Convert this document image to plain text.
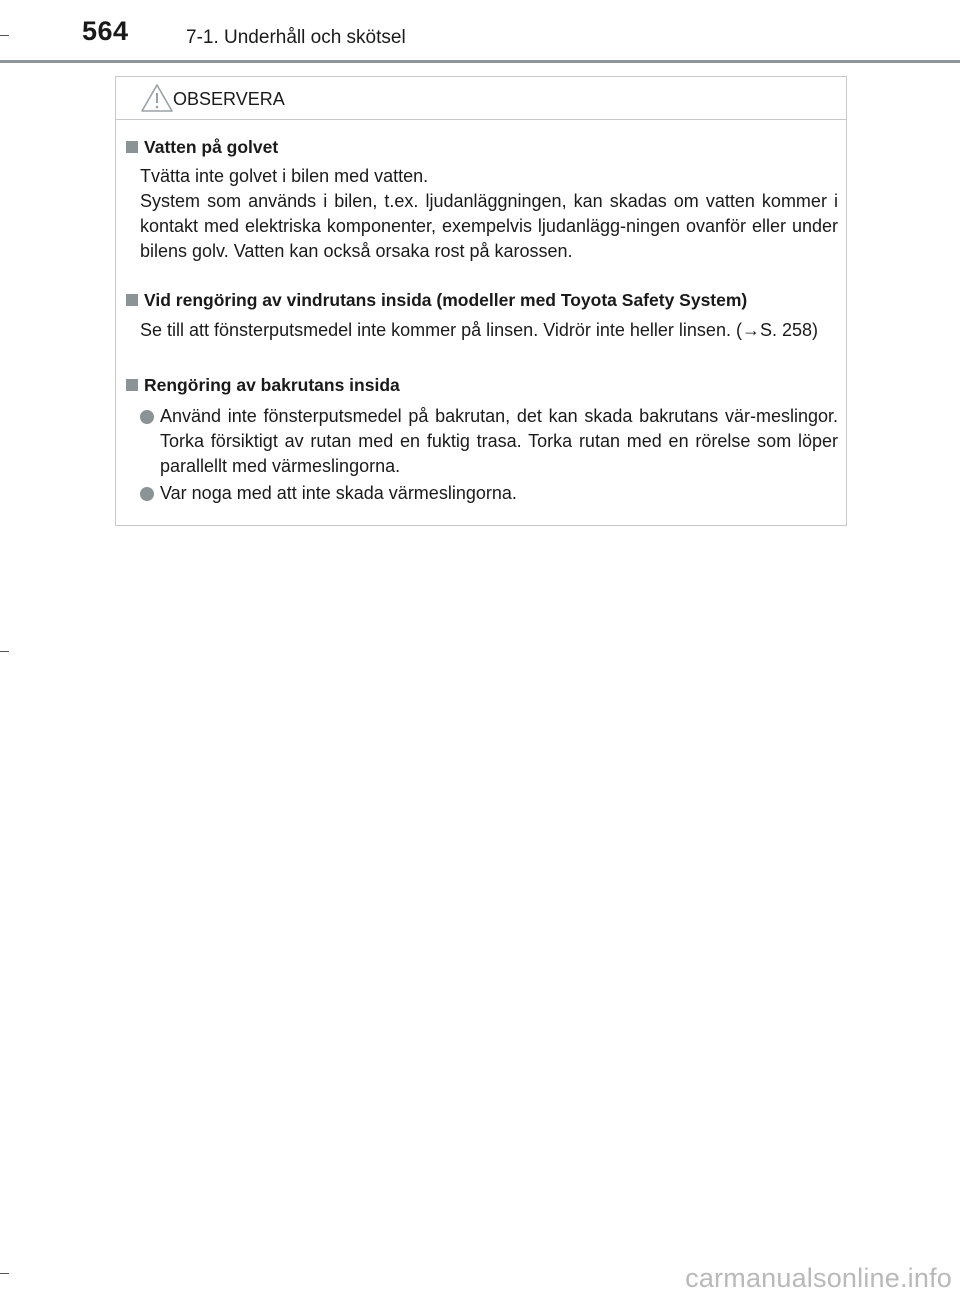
564	7-1. Underhåll och skötsel
OBSERVERA
Vatten på golvet
Tvätta inte golvet i bilen med vatten.
System som används i bilen, t.ex. ljudanläggningen, kan skadas om vatten kommer i kontakt med elektriska komponenter, exempelvis ljudanlägg-ningen ovanför eller under bilens golv. Vatten kan också orsaka rost på karossen.
Vid rengöring av vindrutans insida (modeller med Toyota Safety System)
Se till att fönsterputsmedel inte kommer på linsen. Vidrör inte heller linsen. (→S. 258)
Rengöring av bakrutans insida
Använd inte fönsterputsmedel på bakrutan, det kan skada bakrutans vär-meslingor. Torka försiktigt av rutan med en fuktig trasa. Torka rutan med en rörelse som löper parallellt med värmeslingorna.
Var noga med att inte skada värmeslingorna.
carmanualsonline.info
